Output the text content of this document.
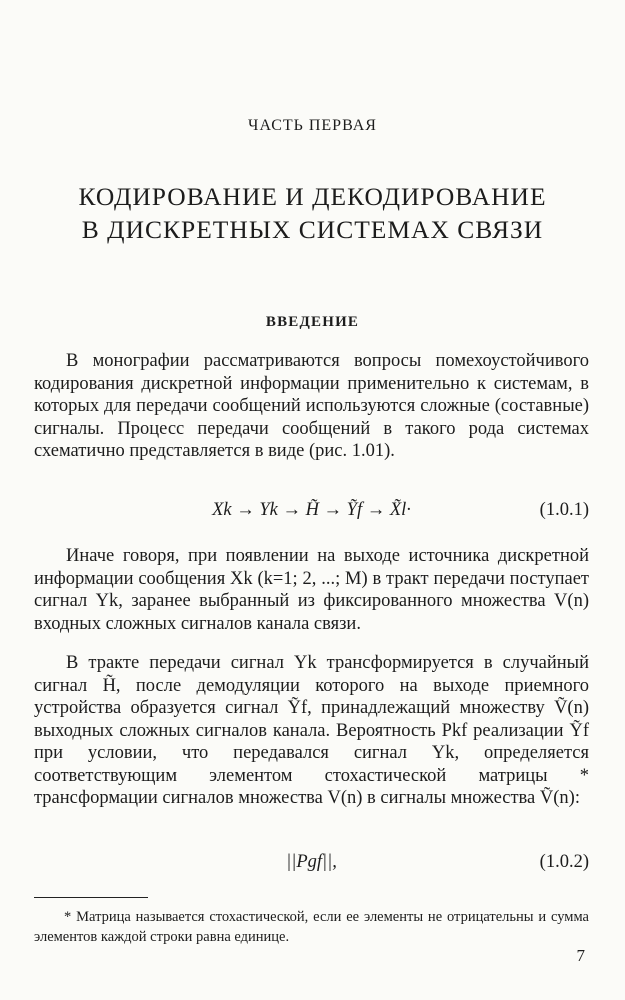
ЧАСТЬ ПЕРВАЯ
КОДИРОВАНИЕ И ДЕКОДИРОВАНИЕ
В ДИСКРЕТНЫХ СИСТЕМАХ СВЯЗИ
ВВЕДЕНИЕ
В монографии рассматриваются вопросы помехоустойчивого кодирования дискретной информации применительно к системам, в которых для передачи сообщений используются сложные (составные) сигналы. Процесс передачи сообщений в такого рода системах схематично представляется в виде (рис. 1.01).
Xk → Yk → H̃ → Ỹf → X̃l·	(1.0.1)
Иначе говоря, при появлении на выходе источника дискретной информации сообщения Xk (k=1; 2, ...; M) в тракт передачи поступает сигнал Yk, заранее выбранный из фиксированного множества V(n) входных сложных сигналов канала связи.
В тракте передачи сигнал Yk трансформируется в случайный сигнал H̃, после демодуляции которого на выходе приемного устройства образуется сигнал Ỹf, принадлежащий множеству Ṽ(n) выходных сложных сигналов канала. Вероятность Pkf реализации Ỹf при условии, что передавался сигнал Yk, определяется соответствующим элементом стохастической матрицы * трансформации сигналов множества V(n) в сигналы множества Ṽ(n):
||Pgf||,	(1.0.2)
* Матрица называется стохастической, если ее элементы не отрицательны и сумма элементов каждой строки равна единице.
7
